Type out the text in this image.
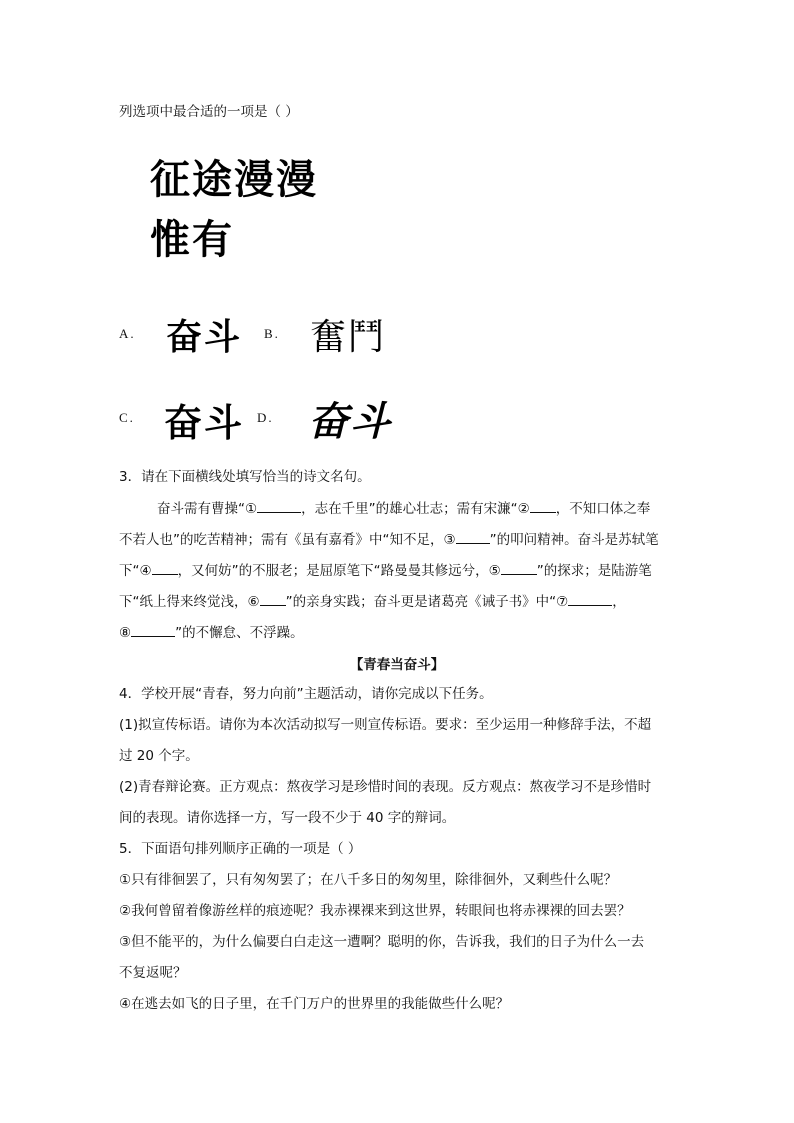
列选项中最合适的一项是（ ）
征途漫漫
惟有
A. 奋斗 B. 奮鬥
C. 奋斗 D. 奋斗
3．请在下面横线处填写恰当的诗文名句。
奋斗需有曹操“①	，志在千里”的雄心壮志；需有宋濂“② ，不知口体之奉
不若人也”的吃苦精神；需有《虽有嘉肴》中“知不足，③	”的叩问精神。奋斗是苏轼笔
下“④ ，又何妨”的不服老；是屈原笔下“路曼曼其修远兮，⑤	”的探求；是陆游笔
下“纸上得来终觉浅，⑥ ”的亲身实践；奋斗更是诸葛亮《诫子书》中“⑦	，
⑧	”的不懈怠、不浮躁。
【青春当奋斗】
4．学校开展“青春，努力向前”主题活动，请你完成以下任务。
(1)拟宣传标语。请你为本次活动拟写一则宣传标语。要求：至少运用一种修辞手法，不超
过 20 个字。
(2)青春辩论赛。正方观点：熬夜学习是珍惜时间的表现。反方观点：熬夜学习不是珍惜时
间的表现。请你选择一方，写一段不少于 40 字的辩词。
5．下面语句排列顺序正确的一项是（ ）
①只有徘徊罢了，只有匆匆罢了；在八千多日的匆匆里，除徘徊外，又剩些什么呢？
②我何曾留着像游丝样的痕迹呢？我赤裸裸来到这世界，转眼间也将赤裸裸的回去罢？
③但不能平的，为什么偏要白白走这一遭啊？聪明的你，告诉我，我们的日子为什么一去
不复返呢？
④在逃去如飞的日子里，在千门万户的世界里的我能做些什么呢？
